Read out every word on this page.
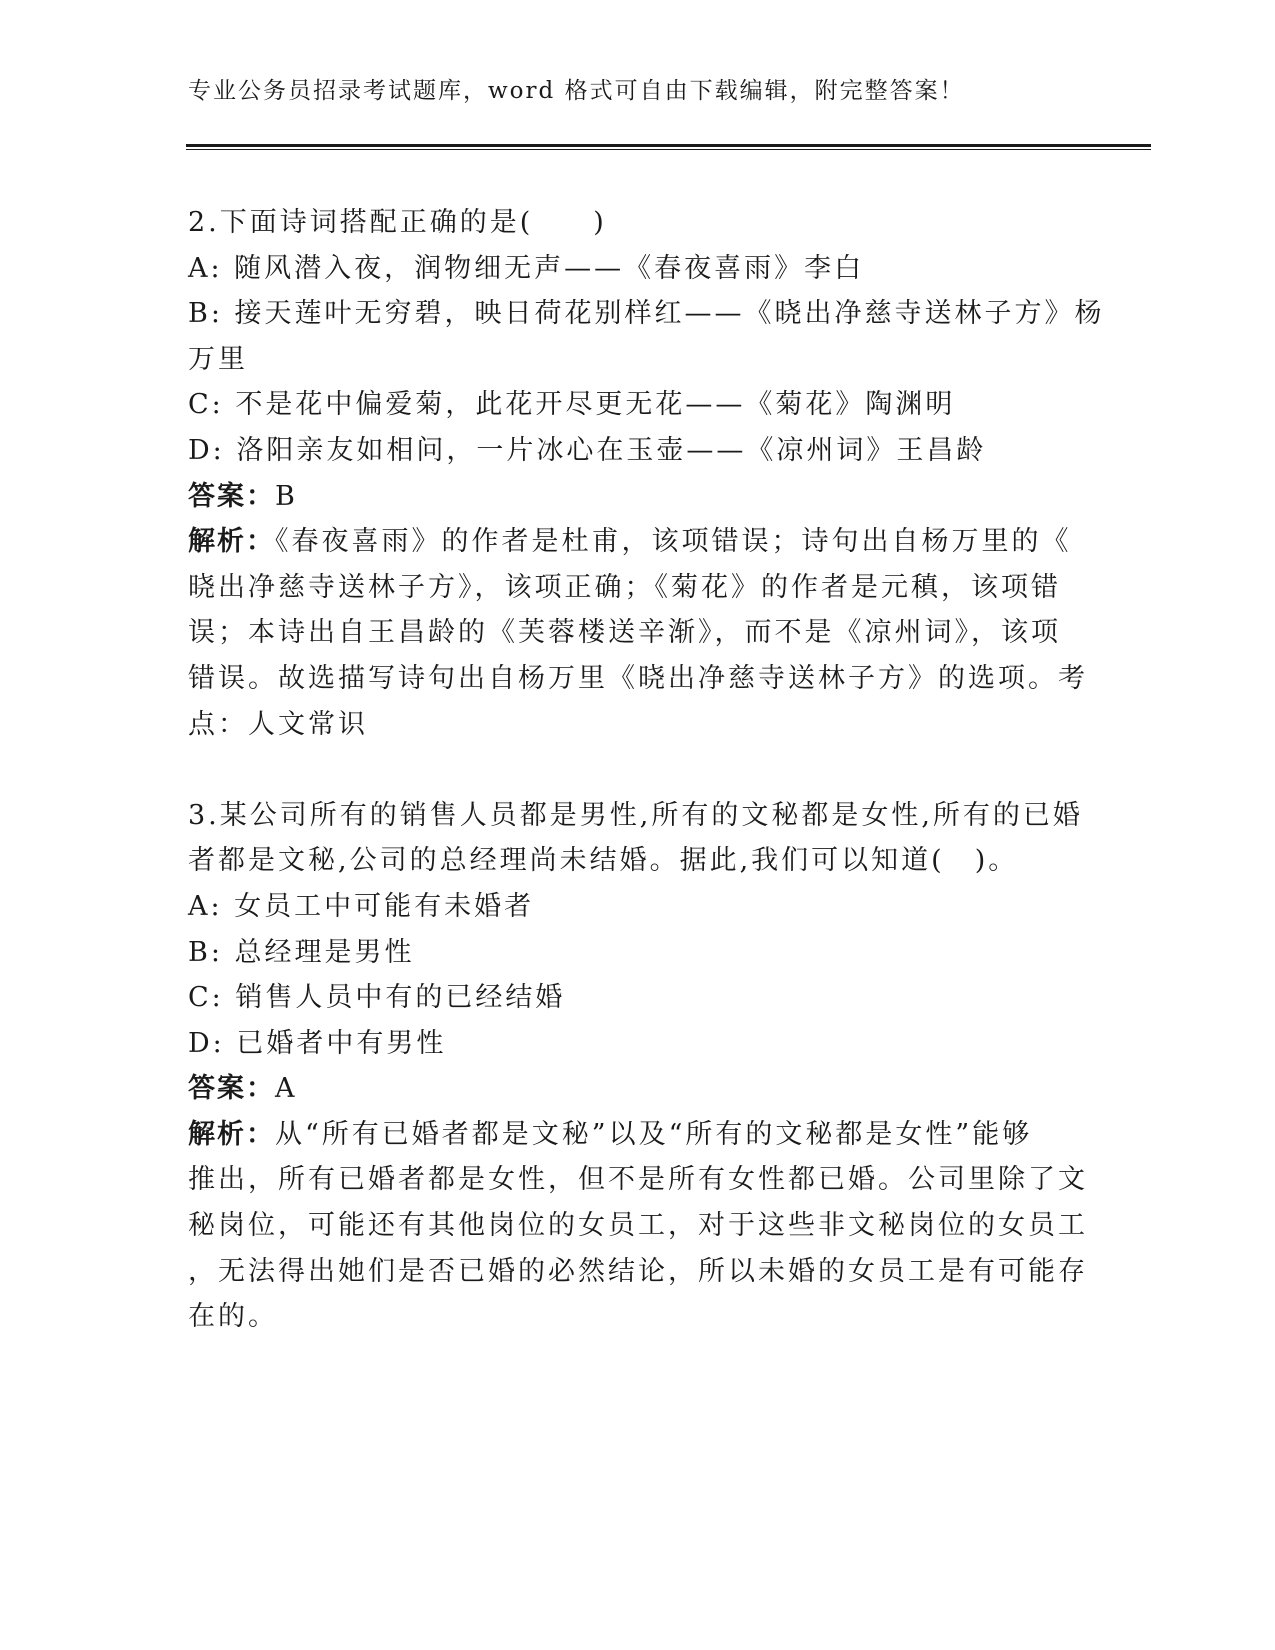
专业公务员招录考试题库，word 格式可自由下载编辑，附完整答案！
2.下面诗词搭配正确的是(　　)
A: 随风潜入夜，润物细无声——《春夜喜雨》李白
B: 接天莲叶无穷碧，映日荷花别样红——《晓出净慈寺送林子方》杨
万里
C: 不是花中偏爱菊，此花开尽更无花——《菊花》陶渊明
D: 洛阳亲友如相问，一片冰心在玉壶——《凉州词》王昌龄
答案：B
解析：《春夜喜雨》的作者是杜甫，该项错误；诗句出自杨万里的《
晓出净慈寺送林子方》，该项正确；《菊花》的作者是元稹，该项错
误；本诗出自王昌龄的《芙蓉楼送辛渐》，而不是《凉州词》，该项
错误。故选描写诗句出自杨万里《晓出净慈寺送林子方》的选项。考
点：人文常识
3.某公司所有的销售人员都是男性,所有的文秘都是女性,所有的已婚
者都是文秘,公司的总经理尚未结婚。据此,我们可以知道(　)。
A: 女员工中可能有未婚者
B: 总经理是男性
C: 销售人员中有的已经结婚
D: 已婚者中有男性
答案：A
解析：从“所有已婚者都是文秘”以及“所有的文秘都是女性”能够
推出，所有已婚者都是女性，但不是所有女性都已婚。公司里除了文
秘岗位，可能还有其他岗位的女员工，对于这些非文秘岗位的女员工
，无法得出她们是否已婚的必然结论，所以未婚的女员工是有可能存
在的。
